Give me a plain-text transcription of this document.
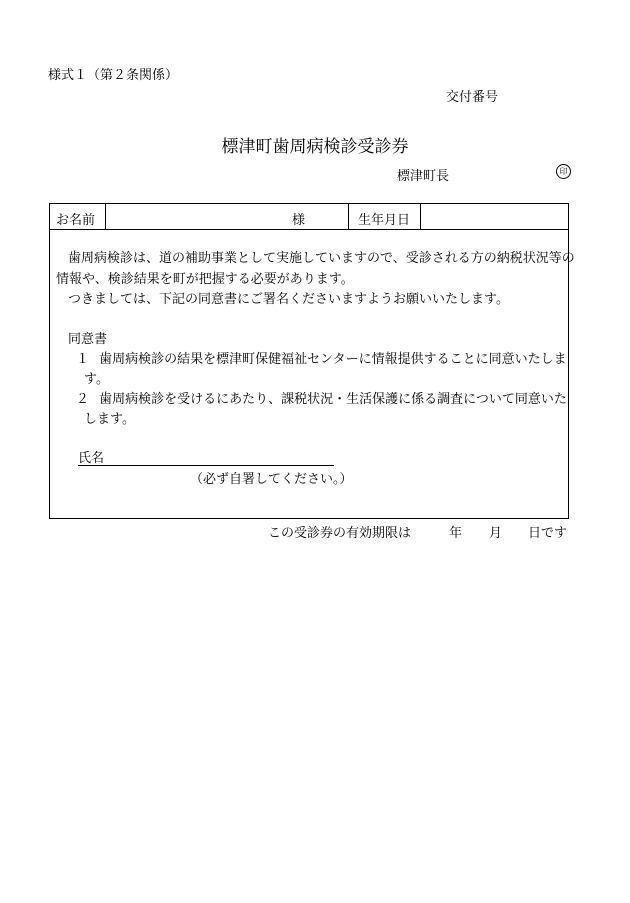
様式１（第２条関係）
交付番号
標津町歯周病検診受診券
標津町長	印
お名前	様	生年月日
歯周病検診は、道の補助事業として実施していますので、受診される方の納税状況等の
情報や、検診結果を町が把握する必要があります。
つきましては、下記の同意書にご署名くださいますようお願いいたします。
同意書
１ 歯周病検診の結果を標津町保健福祉センターに情報提供することに同意いたしま
す。
２ 歯周病検診を受けるにあたり、課税状況・生活保護に係る調査について同意いた
します。
氏名
（必ず自署してください。）
この受診券の有効期限は	年 月 日です
